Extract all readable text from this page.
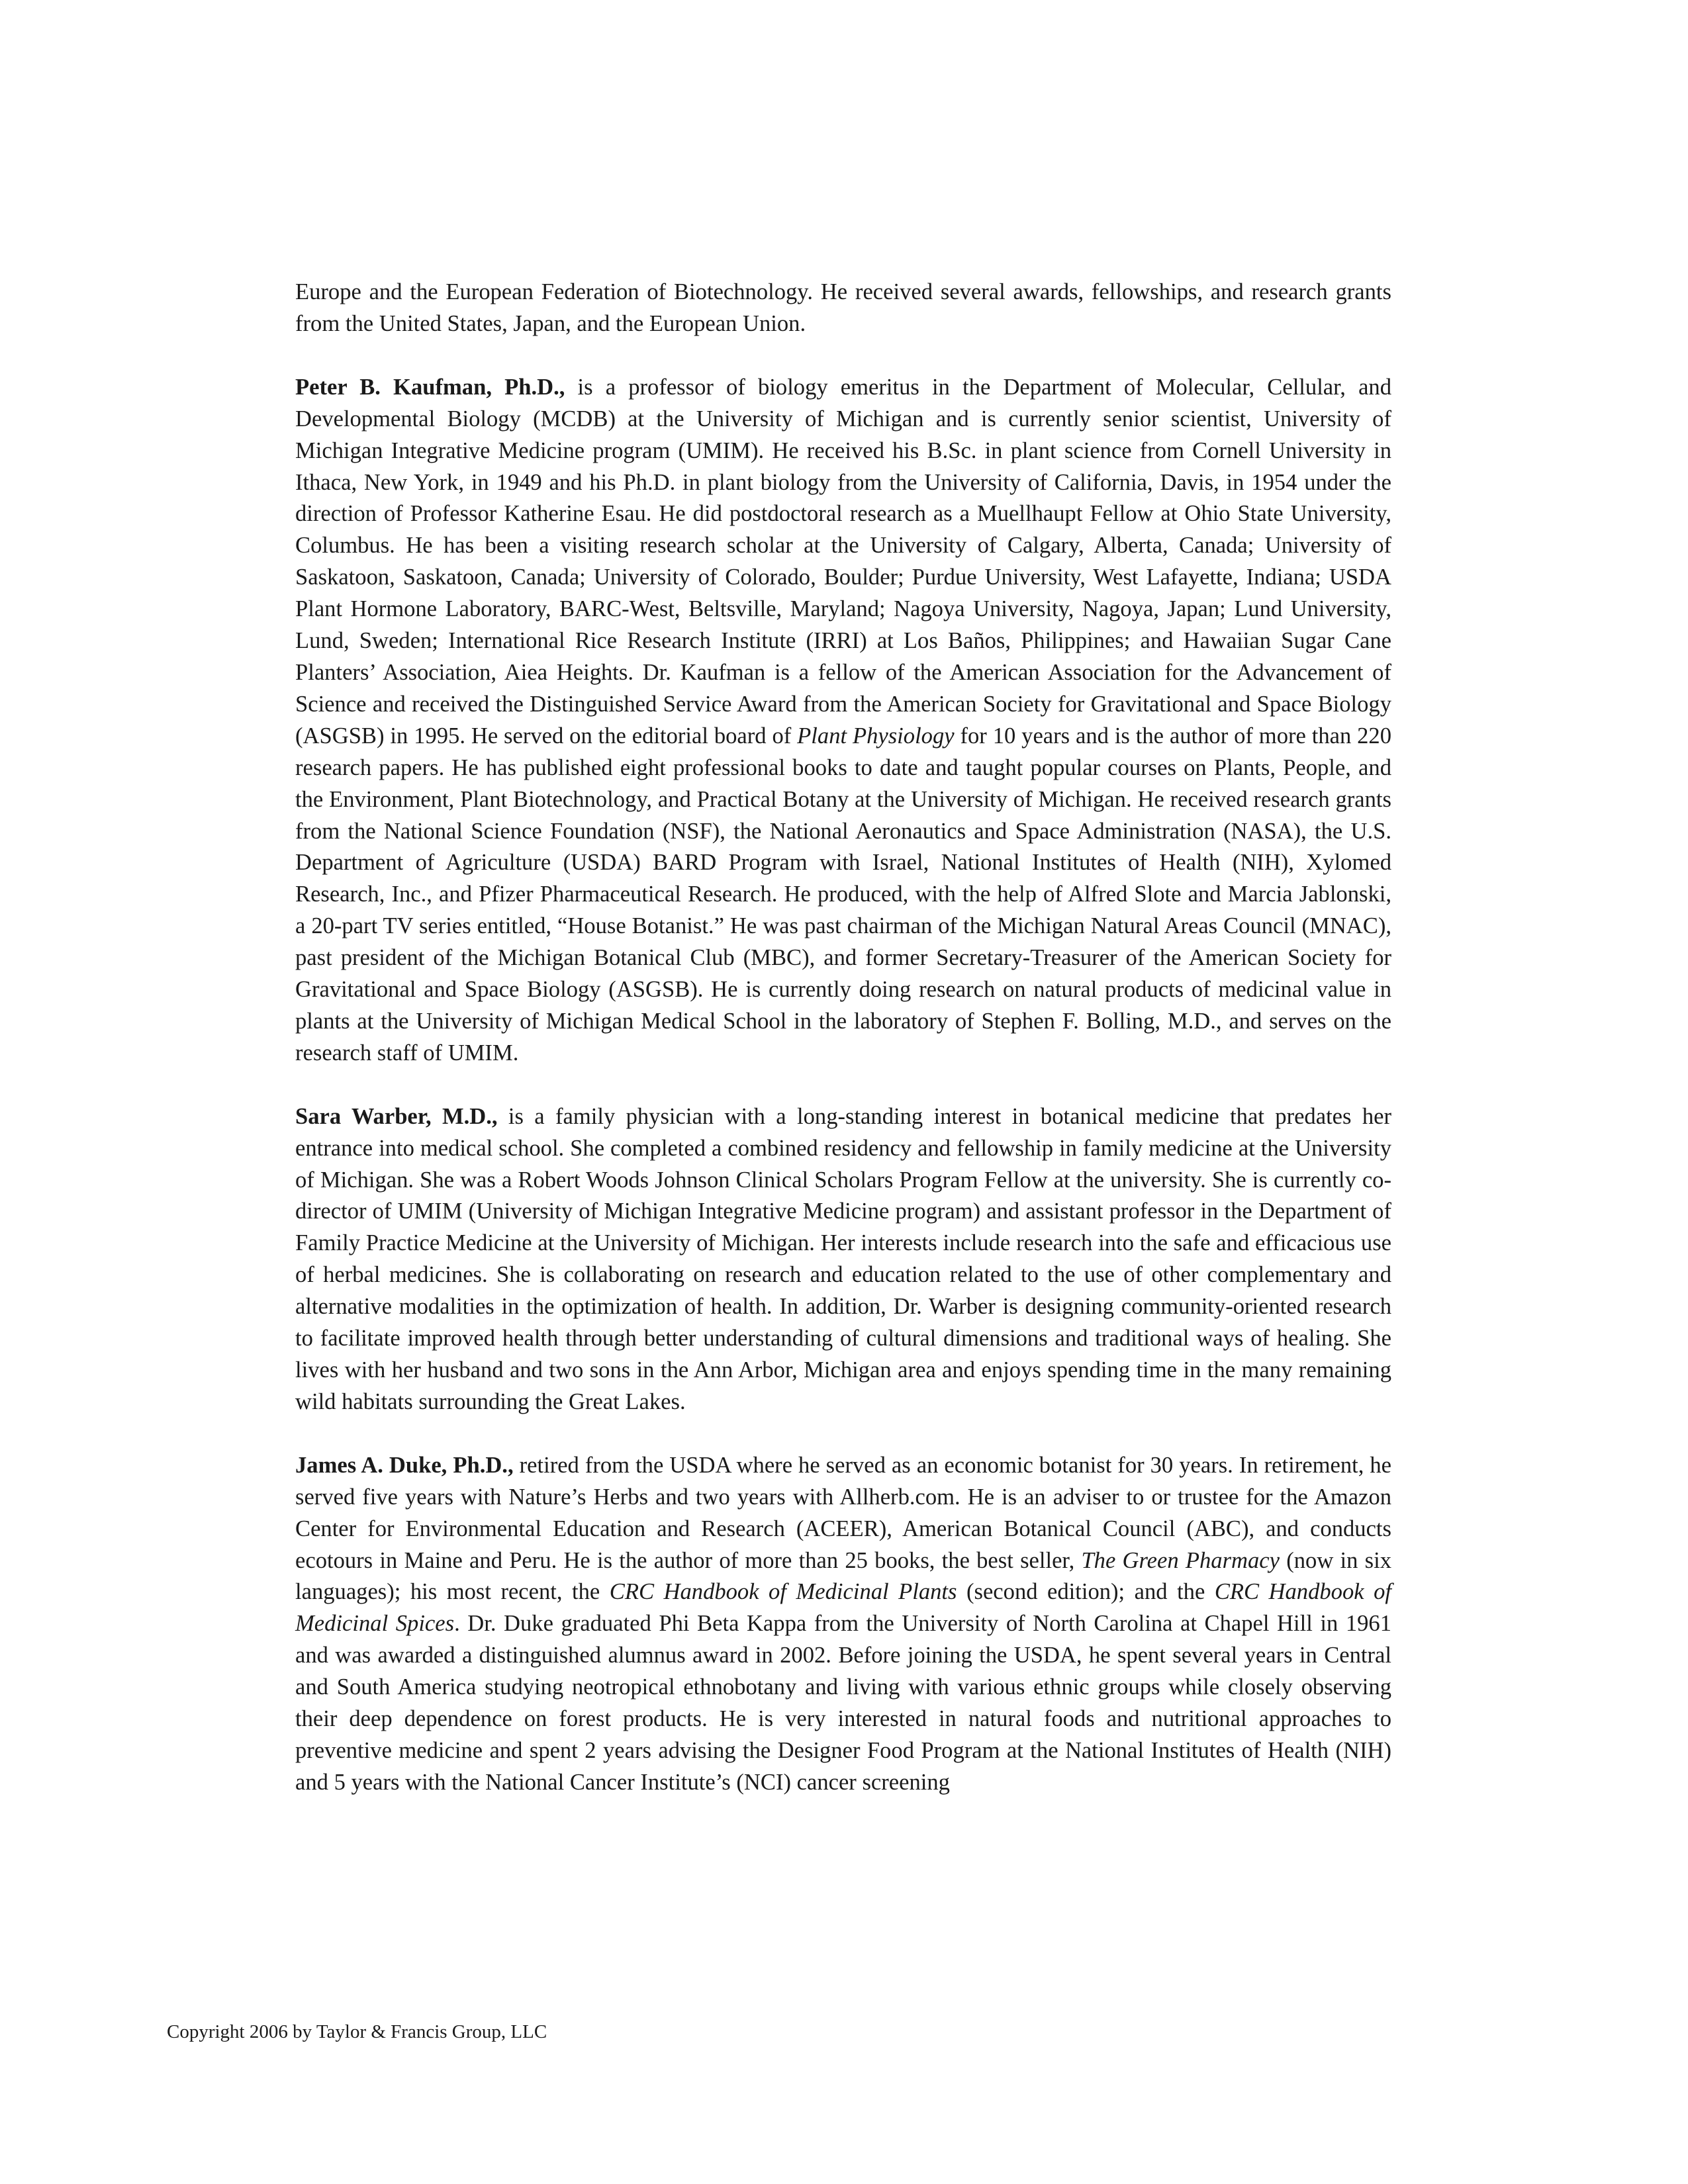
Europe and the European Federation of Biotechnology. He received several awards, fellowships, and research grants from the United States, Japan, and the European Union.

Peter B. Kaufman, Ph.D., is a professor of biology emeritus in the Department of Molecular, Cellular, and Developmental Biology (MCDB) at the University of Michigan and is currently senior scientist, University of Michigan Integrative Medicine program (UMIM). He received his B.Sc. in plant science from Cornell University in Ithaca, New York, in 1949 and his Ph.D. in plant biology from the University of California, Davis, in 1954 under the direction of Professor Katherine Esau. He did postdoctoral research as a Muellhaupt Fellow at Ohio State University, Columbus. He has been a visiting research scholar at the University of Calgary, Alberta, Canada; University of Saskatoon, Saskatoon, Canada; University of Colorado, Boulder; Purdue University, West Lafayette, Indiana; USDA Plant Hormone Laboratory, BARC-West, Beltsville, Maryland; Nagoya University, Nagoya, Japan; Lund University, Lund, Sweden; International Rice Research Institute (IRRI) at Los Baños, Philippines; and Hawaiian Sugar Cane Planters’ Association, Aiea Heights. Dr. Kaufman is a fellow of the American Association for the Advancement of Science and received the Distinguished Service Award from the American Society for Gravitational and Space Biology (ASGSB) in 1995. He served on the editorial board of Plant Physiology for 10 years and is the author of more than 220 research papers. He has published eight professional books to date and taught popular courses on Plants, People, and the Environment, Plant Biotechnology, and Practical Botany at the University of Michigan. He received research grants from the National Science Foundation (NSF), the National Aeronautics and Space Administration (NASA), the U.S. Department of Agriculture (USDA) BARD Program with Israel, National Institutes of Health (NIH), Xylomed Research, Inc., and Pfizer Pharmaceutical Research. He produced, with the help of Alfred Slote and Marcia Jablonski, a 20-part TV series entitled, “House Botanist.” He was past chairman of the Michigan Natural Areas Council (MNAC), past president of the Michigan Botanical Club (MBC), and former Secretary-Treasurer of the American Society for Gravitational and Space Biology (ASGSB). He is currently doing research on natural products of medicinal value in plants at the University of Michigan Medical School in the laboratory of Stephen F. Bolling, M.D., and serves on the research staff of UMIM.

Sara Warber, M.D., is a family physician with a long-standing interest in botanical medicine that predates her entrance into medical school. She completed a combined residency and fellowship in family medicine at the University of Michigan. She was a Robert Woods Johnson Clinical Scholars Program Fellow at the university. She is currently co-director of UMIM (University of Michigan Integrative Medicine program) and assistant professor in the Department of Family Practice Medicine at the University of Michigan. Her interests include research into the safe and efficacious use of herbal medicines. She is collaborating on research and education related to the use of other complementary and alternative modalities in the optimization of health. In addition, Dr. Warber is designing community-oriented research to facilitate improved health through better understanding of cultural dimensions and traditional ways of healing. She lives with her husband and two sons in the Ann Arbor, Michigan area and enjoys spending time in the many remaining wild habitats surrounding the Great Lakes.

James A. Duke, Ph.D., retired from the USDA where he served as an economic botanist for 30 years. In retirement, he served five years with Nature’s Herbs and two years with Allherb.com. He is an adviser to or trustee for the Amazon Center for Environmental Education and Research (ACEER), American Botanical Council (ABC), and conducts ecotours in Maine and Peru. He is the author of more than 25 books, the best seller, The Green Pharmacy (now in six languages); his most recent, the CRC Handbook of Medicinal Plants (second edition); and the CRC Handbook of Medicinal Spices. Dr. Duke graduated Phi Beta Kappa from the University of North Carolina at Chapel Hill in 1961 and was awarded a distinguished alumnus award in 2002. Before joining the USDA, he spent several years in Central and South America studying neotropical ethnobotany and living with various ethnic groups while closely observing their deep dependence on forest products. He is very interested in natural foods and nutritional approaches to preventive medicine and spent 2 years advising the Designer Food Program at the National Institutes of Health (NIH) and 5 years with the National Cancer Institute’s (NCI) cancer screening

Copyright 2006 by Taylor & Francis Group, LLC
